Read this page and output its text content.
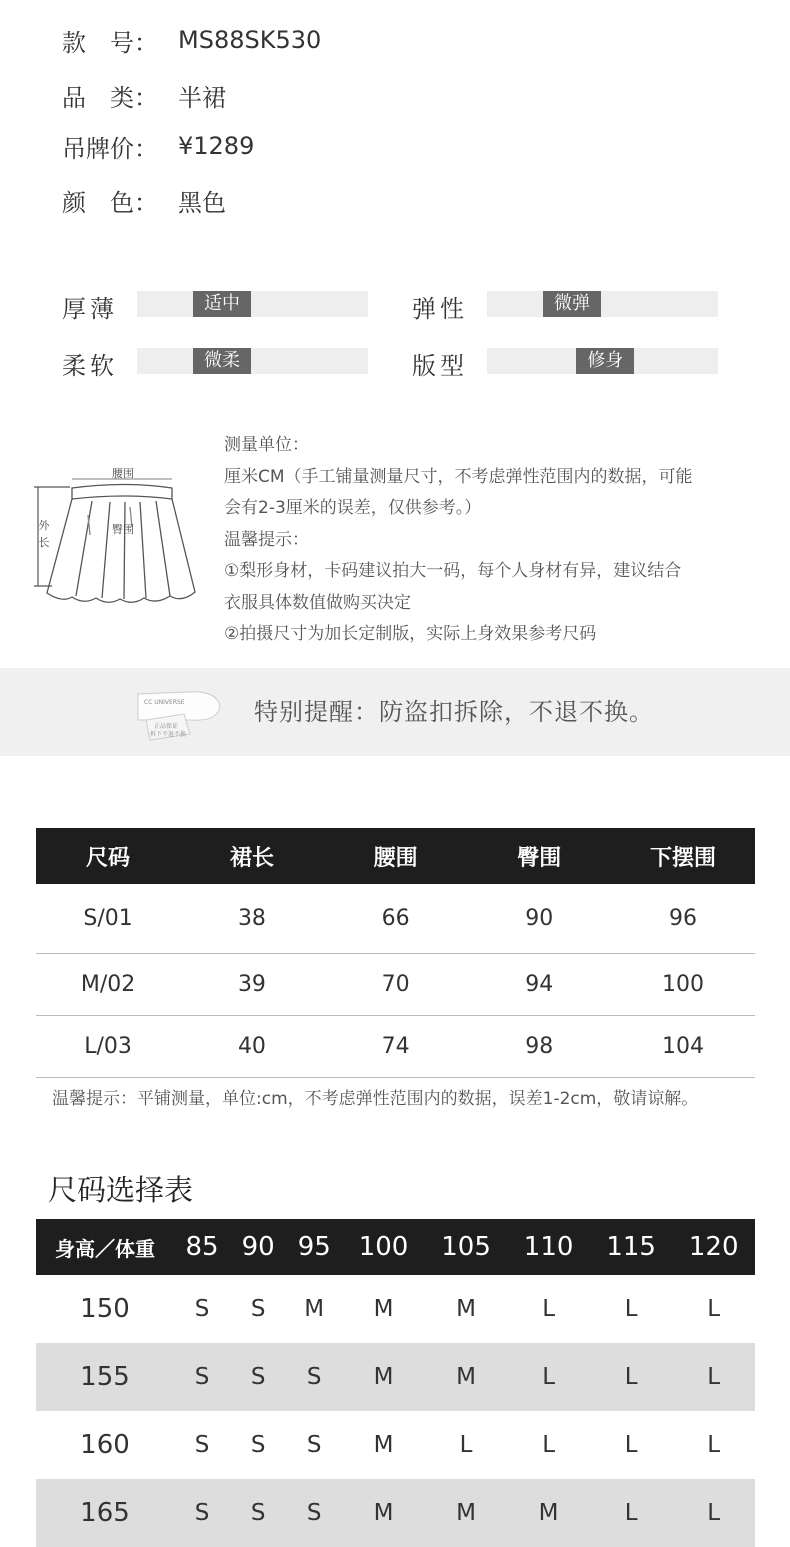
款　号： MS88SK530
品　类： 半裙
吊牌价： ¥1289
颜　色： 黑色
厚薄	适中	弹性	微弹
柔软	微柔	版型	修身
腰围
臀围
外
长
测量单位：
厘米CM（手工铺量测量尺寸，不考虑弹性范围内的数据，可能
会有2-3厘米的误差，仅供参考。）
温馨提示：
①梨形身材，卡码建议拍大一码，每个人身材有异，建议结合
衣服具体数值做购买决定
②拍摄尺寸为加长定制版，实际上身效果参考尺码
CC UNIVERSE
正品保证
拆下不退不换
特别提醒：防盗扣拆除，不退不换。
尺码	裙长	腰围	臀围	下摆围
S/01	38	66	90	96
M/02	39	70	94	100
L/03	40	74	98	104
温馨提示：平铺测量，单位:cm，不考虑弹性范围内的数据，误差1-2cm，敬请谅解。
尺码选择表
身高／体重	85	90	95	100	105	110	115	120
150	S	S	M	M	M	L	L	L
155	S	S	S	M	M	L	L	L
160	S	S	S	M	L	L	L	L
165	S	S	S	M	M	M	L	L
